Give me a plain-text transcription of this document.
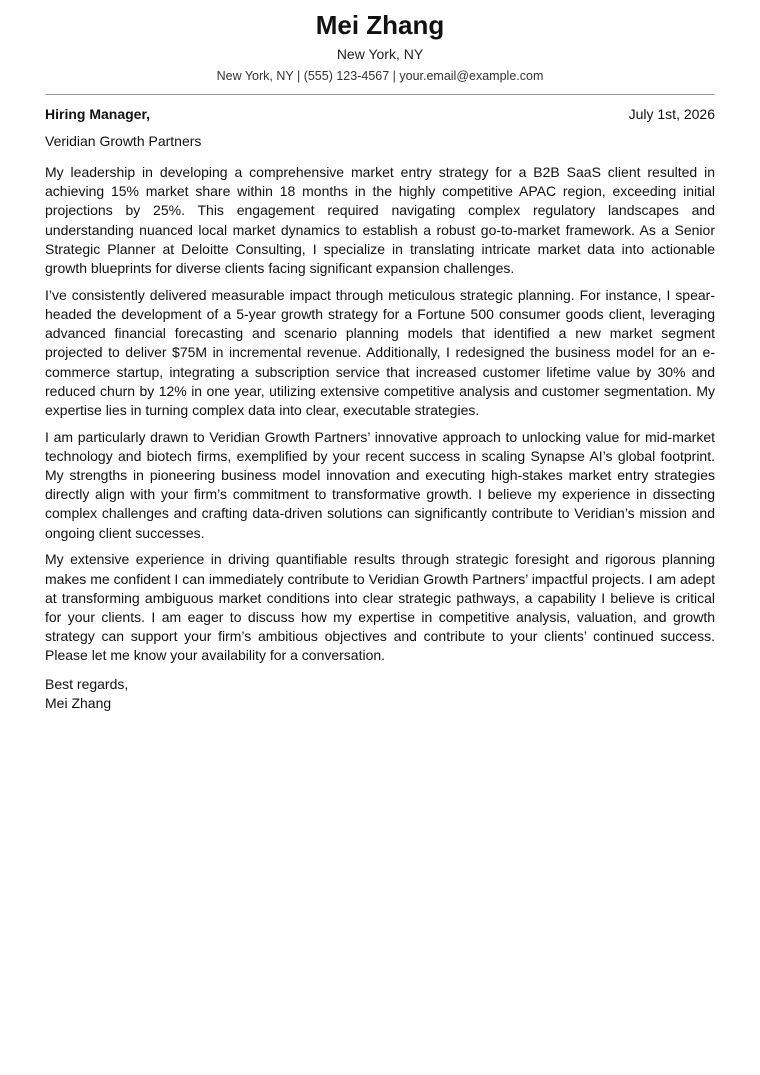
Mei Zhang
New York, NY
New York, NY | (555) 123-4567 | your.email@example.com
Hiring Manager,	July 1st, 2026
Veridian Growth Partners

My leadership in developing a comprehensive market entry strategy for a B2B SaaS client resulted in achieving 15% market share within 18 months in the highly competitive APAC region, exceeding initial projections by 25%. This engagement required navigating complex regulatory landscapes and understanding nuanced local market dynamics to establish a robust go-to-market framework. As a Senior Strategic Planner at Deloitte Consulting, I specialize in translating intricate market data into actionable growth blueprints for diverse clients facing significant expansion challenges.

I’ve consistently delivered measurable impact through meticulous strategic planning. For instance, I spear-headed the development of a 5-year growth strategy for a Fortune 500 consumer goods client, leveraging advanced financial forecasting and scenario planning models that identified a new market segment projected to deliver $75M in incremental revenue. Additionally, I redesigned the business model for an e-commerce startup, integrating a subscription service that increased customer lifetime value by 30% and reduced churn by 12% in one year, utilizing extensive competitive analysis and customer segmentation. My expertise lies in turning complex data into clear, executable strategies.

I am particularly drawn to Veridian Growth Partners’ innovative approach to unlocking value for mid-market technology and biotech firms, exemplified by your recent success in scaling Synapse AI’s global footprint. My strengths in pioneering business model innovation and executing high-stakes market entry strategies directly align with your firm’s commitment to transformative growth. I believe my experience in dissecting complex challenges and crafting data-driven solutions can significantly contribute to Veridian’s mission and ongoing client successes.

My extensive experience in driving quantifiable results through strategic foresight and rigorous planning makes me confident I can immediately contribute to Veridian Growth Partners’ impactful projects. I am adept at transforming ambiguous market conditions into clear strategic pathways, a capability I believe is critical for your clients. I am eager to discuss how my expertise in competitive analysis, valuation, and growth strategy can support your firm’s ambitious objectives and contribute to your clients’ continued success. Please let me know your availability for a conversation.

Best regards,
Mei Zhang
